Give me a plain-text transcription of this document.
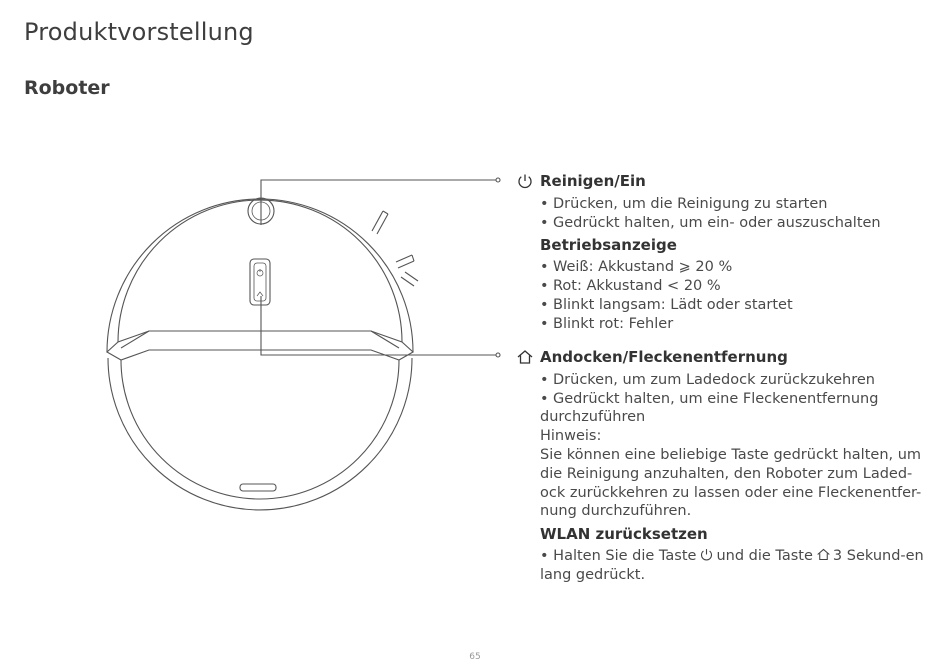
Produktvorstellung
Roboter
Reinigen/Ein
• Drücken, um die Reinigung zu starten
• Gedrückt halten, um ein- oder auszuschalten
Betriebsanzeige
• Weiß: Akkustand ⩾ 20 %
• Rot: Akkustand < 20 %
• Blinkt langsam: Lädt oder startet
• Blinkt rot: Fehler
Andocken/Fleckenentfernung
• Drücken, um zum Ladedock zurückzukehren
• Gedrückt halten, um eine Fleckenentfernung durchzuführen
Hinweis:
Sie können eine beliebige Taste gedrückt halten, um die Reinigung anzuhalten, den Roboter zum Laded-ock zurückkehren zu lassen oder eine Fleckenentfer-nung durchzuführen.
WLAN zurücksetzen
• Halten Sie die Taste und die Taste 3 Sekund-en lang gedrückt.
65
